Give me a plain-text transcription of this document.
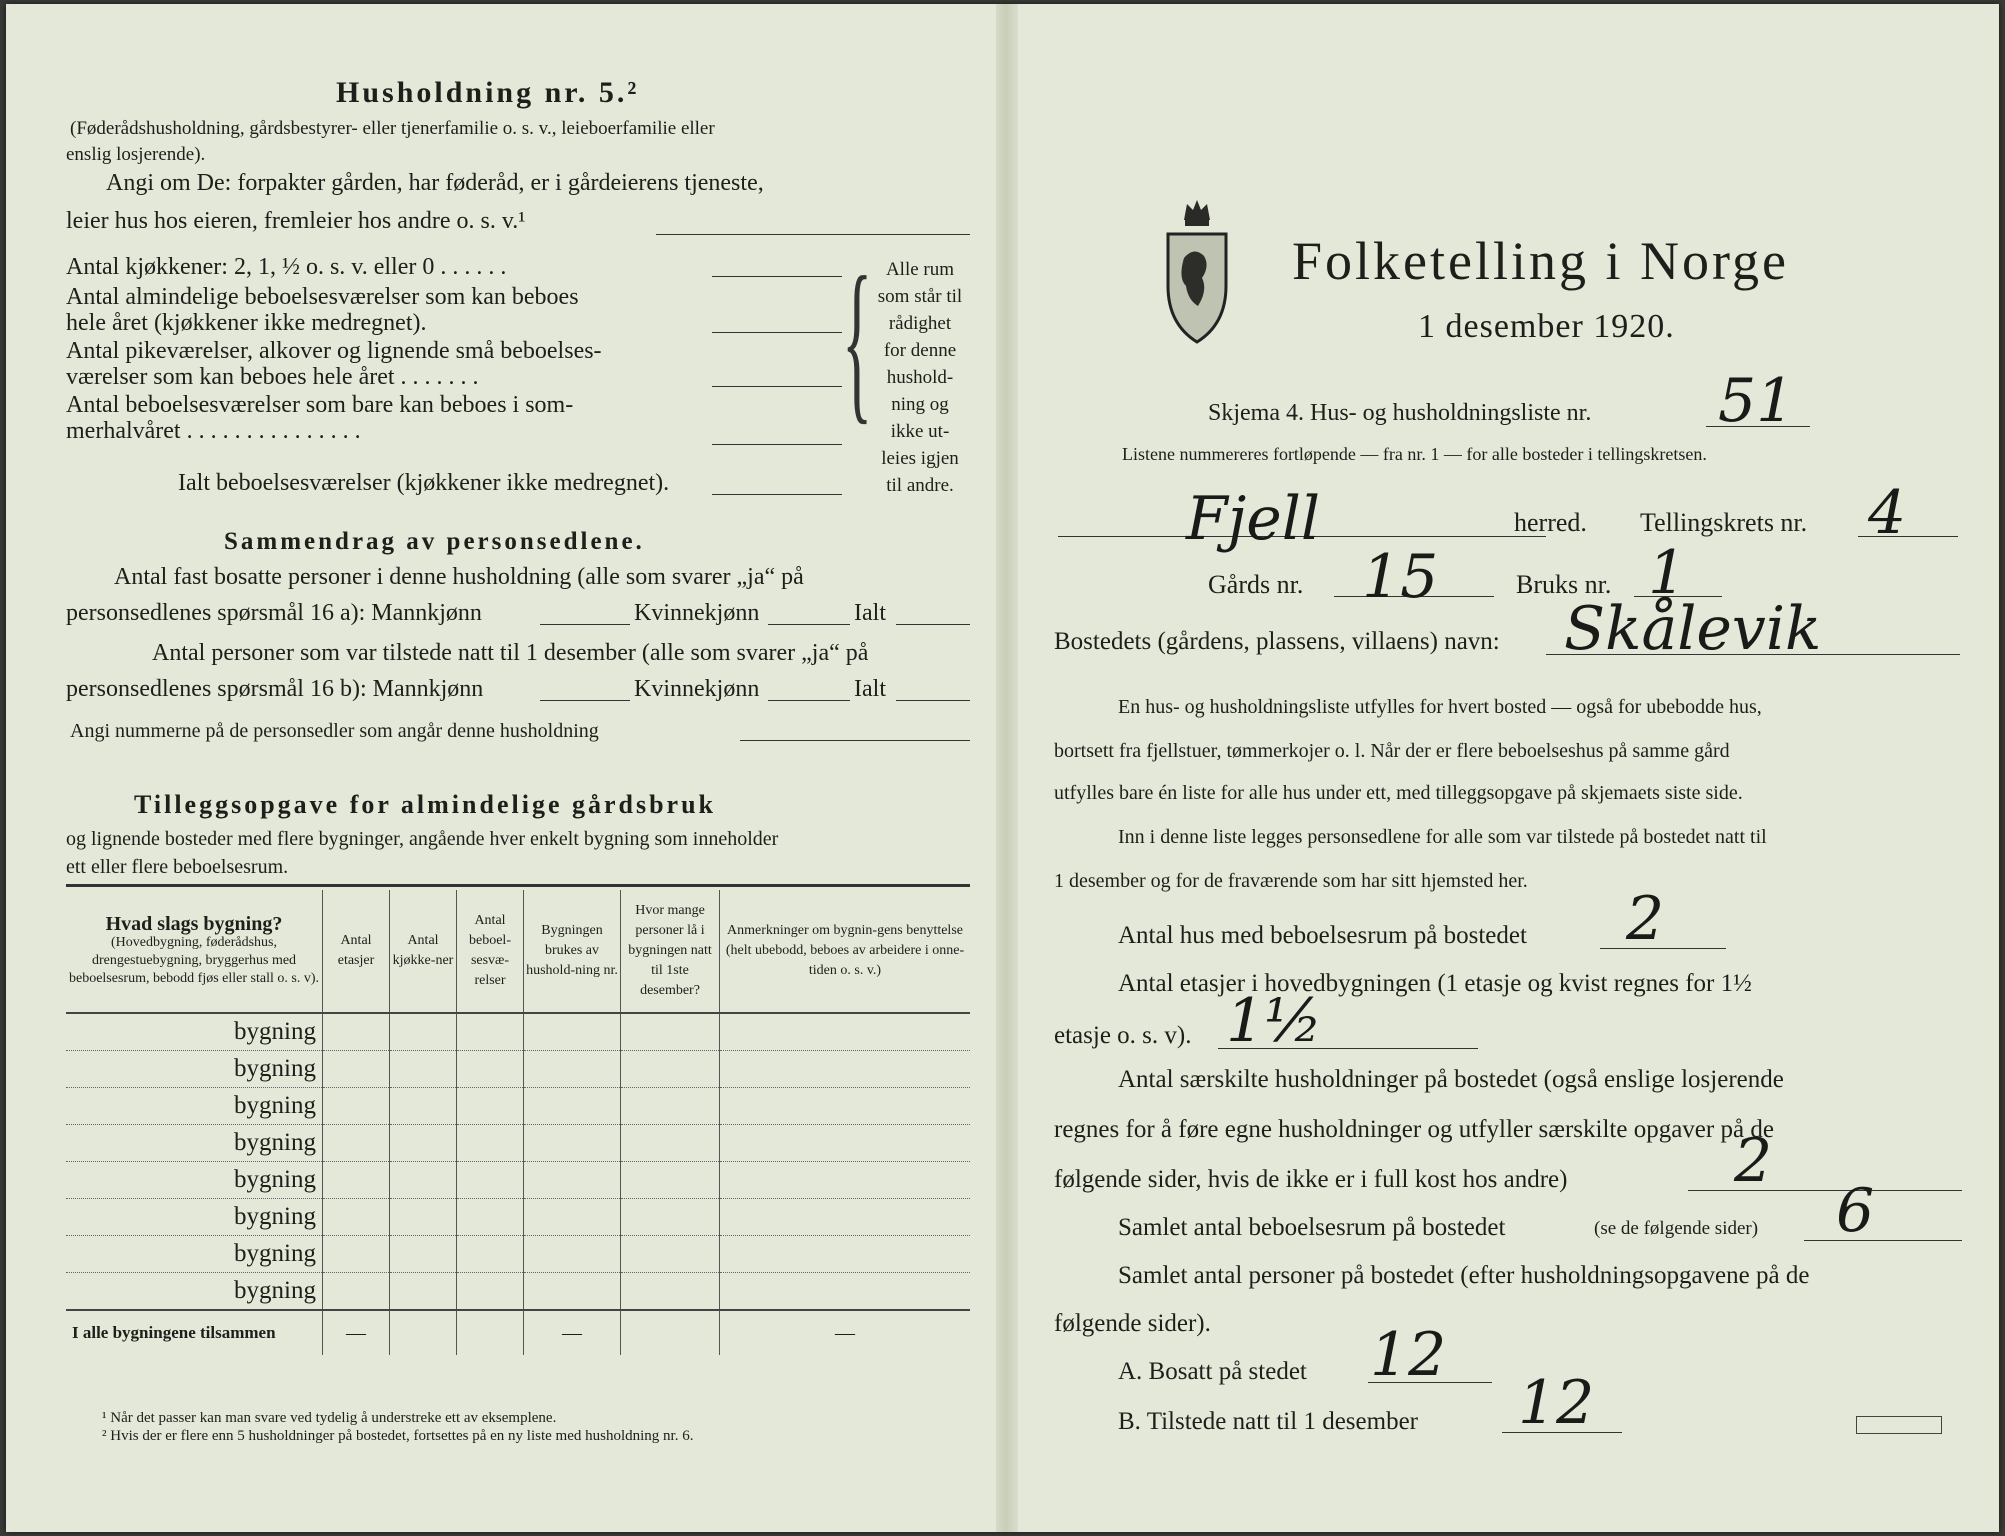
Husholdning nr. 5.²
(Føderådshusholdning, gårdsbestyrer- eller tjenerfamilie o. s. v., leieboerfamilie eller
enslig losjerende).
Angi om De: forpakter gården, har føderåd, er i gårdeierens tjeneste,
leier hus hos eieren, fremleier hos andre o. s. v.¹
Antal kjøkkener: 2, 1, ½ o. s. v. eller 0 . . . . . .
Antal almindelige beboelsesværelser som kan beboes
hele året (kjøkkener ikke medregnet).
Antal pikeværelser, alkover og lignende små beboelses-
værelser som kan beboes hele året . . . . . . .
Antal beboelsesværelser som bare kan beboes i som-
merhalvåret . . . . . . . . . . . . . . .
Ialt beboelsesværelser (kjøkkener ikke medregnet).
{ Alle rum
som står til
rådighet
for denne
hushold-
ning og
ikke ut-
leies igjen
til andre.
Sammendrag av personsedlene.
Antal fast bosatte personer i denne husholdning (alle som svarer „ja“ på
personsedlenes spørsmål 16 a): Mannkjønn	Kvinnekjønn	Ialt
Antal personer som var tilstede natt til 1 desember (alle som svarer „ja“ på
personsedlenes spørsmål 16 b): Mannkjønn	Kvinnekjønn	Ialt
Angi nummerne på de personsedler som angår denne husholdning
Tilleggsopgave for almindelige gårdsbruk
og lignende bosteder med flere bygninger, angående hver enkelt bygning som inneholder
ett eller flere beboelsesrum.
Hvad slags bygning?
(Hovedbygning, føderådshus, drengestuebygning, bryggerhus med beboelsesrum, bebodd fjøs eller stall o. s. v).	Antal etasjer	Antal kjøkke-ner	Antal beboel-sesvæ-relser	Bygningen brukes av hushold-ning nr.	Hvor mange personer lå i bygningen natt til 1ste desember?	Anmerkninger om bygnin-gens benyttelse (helt ubebodd, beboes av arbeidere i onne-tiden o. s. v.)
bygning						
bygning						
bygning						
bygning						
bygning						
bygning						
bygning						
bygning						
I alle bygningene tilsammen	—			—		—
¹ Når det passer kan man svare ved tydelig å understreke ett av eksemplene.
² Hvis der er flere enn 5 husholdninger på bostedet, fortsettes på en ny liste med husholdning nr. 6.
Folketelling i Norge
1 desember 1920.
Skjema 4. Hus- og husholdningsliste nr. 51
Listene nummereres fortløpende — fra nr. 1 — for alle bosteder i tellingskretsen.
Fjell	herred. Tellingskrets nr. 4
Gårds nr. 15	Bruks nr. 1
Bostedets (gårdens, plassens, villaens) navn: Skålevik
En hus- og husholdningsliste utfylles for hvert bosted — også for ubebodde hus,
bortsett fra fjellstuer, tømmerkojer o. l. Når der er flere beboelseshus på samme gård
utfylles bare én liste for alle hus under ett, med tilleggsopgave på skjemaets siste side.
Inn i denne liste legges personsedlene for alle som var tilstede på bostedet natt til
1 desember og for de fraværende som har sitt hjemsted her.
Antal hus med beboelsesrum på bostedet 2
Antal etasjer i hovedbygningen (1 etasje og kvist regnes for 1½
etasje o. s. v). 1½
Antal særskilte husholdninger på bostedet (også enslige losjerende
regnes for å føre egne husholdninger og utfyller særskilte opgaver på de
følgende sider, hvis de ikke er i full kost hos andre)	2
Samlet antal beboelsesrum på bostedet	(se de følgende sider) 6
Samlet antal personer på bostedet (efter husholdningsopgavene på de
følgende sider).
A. Bosatt på stedet 12
B. Tilstede natt til 1 desember 12
